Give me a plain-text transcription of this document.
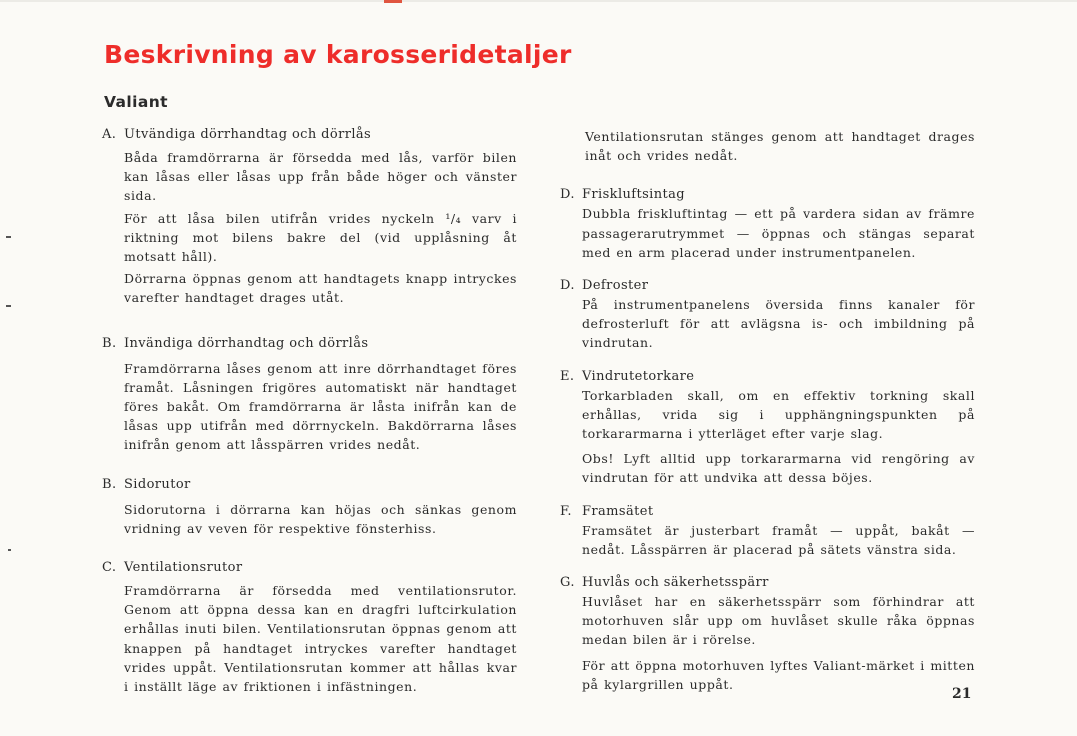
Beskrivning av karosseridetaljer
Valiant
A. Utvändiga dörrhandtag och dörrlås
Båda framdörrarna är försedda med lås, varför bilen kan låsas eller låsas upp från både höger och vänster sida.
För att låsa bilen utifrån vrides nyckeln ¹/₄ varv i riktning mot bilens bakre del (vid upplåsning åt motsatt håll).
Dörrarna öppnas genom att handtagets knapp intryckes varefter handtaget drages utåt.
B. Invändiga dörrhandtag och dörrlås
Framdörrarna låses genom att inre dörrhandtaget föres framåt. Låsningen frigöres automatiskt när handtaget föres bakåt. Om framdörrarna är låsta inifrån kan de låsas upp utifrån med dörrnyckeln. Bakdörrarna låses inifrån genom att låsspärren vrides nedåt.
B. Sidorutor
Sidorutorna i dörrarna kan höjas och sänkas genom vridning av veven för respektive fönsterhiss.
C. Ventilationsrutor
Framdörrarna är försedda med ventilationsrutor. Genom att öppna dessa kan en dragfri luftcirkulation erhållas inuti bilen. Ventilationsrutan öppnas genom att knappen på handtaget intryckes varefter handtaget vrides uppåt. Ventilationsrutan kommer att hållas kvar i inställt läge av friktionen i infästningen.
Ventilationsrutan stänges genom att handtaget drages inåt och vrides nedåt.
D. Friskluftsintag
Dubbla friskluftintag — ett på vardera sidan av främre passagerarutrymmet — öppnas och stängas separat med en arm placerad under instrumentpanelen.
D. Defroster
På instrumentpanelens översida finns kanaler för defrosterluft för att avlägsna is- och imbildning på vindrutan.
E. Vindrutetorkare
Torkarbladen skall, om en effektiv torkning skall erhållas, vrida sig i upphängningspunkten på torkararmarna i ytterläget efter varje slag.
Obs! Lyft alltid upp torkararmarna vid rengöring av vindrutan för att undvika att dessa böjes.
F. Framsätet
Framsätet är justerbart framåt — uppåt, bakåt — nedåt. Låsspärren är placerad på sätets vänstra sida.
G. Huvlås och säkerhetsspärr
Huvlåset har en säkerhetsspärr som förhindrar att motorhuven slår upp om huvlåset skulle råka öppnas medan bilen är i rörelse.
För att öppna motorhuven lyftes Valiant-märket i mitten på kylargrillen uppåt.
21
